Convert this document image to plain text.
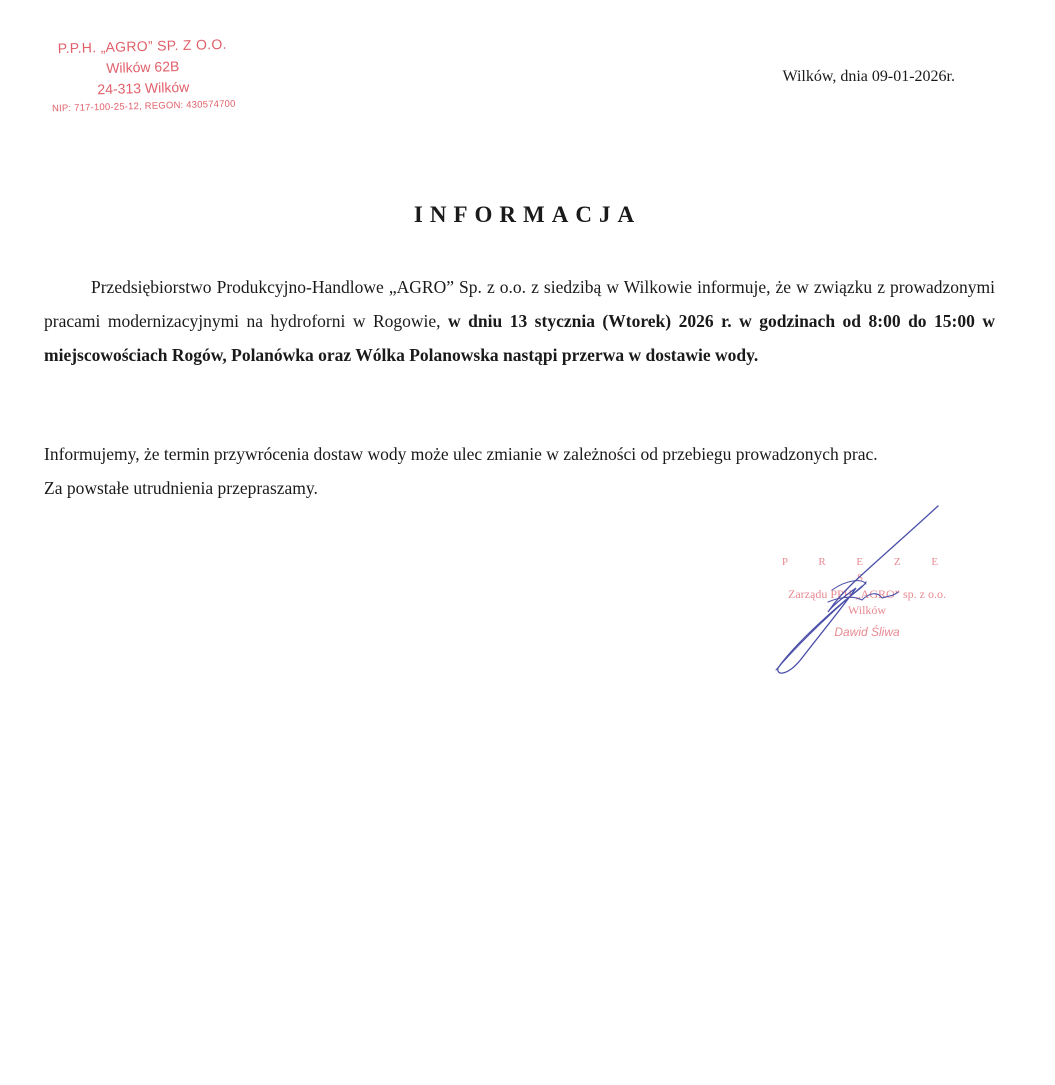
P.P.H. „AGRO” SP. Z O.O.
Wilków 62B
24-313 Wilków
NIP: 717-100-25-12, REGON: 430574700
Wilków, dnia 09-01-2026r.
INFORMACJA

Przedsiębiorstwo Produkcyjno-Handlowe „AGRO” Sp. z o.o. z siedzibą w Wilkowie informuje, że w związku z prowadzonymi pracami modernizacyjnymi na hydroforni w Rogowie, w dniu 13 stycznia (Wtorek) 2026 r. w godzinach od 8:00 do 15:00 w miejscowościach Rogów, Polanówka oraz Wólka Polanowska nastąpi przerwa w dostawie wody.

Informujemy, że termin przywrócenia dostaw wody może ulec zmianie w zależności od przebiegu prowadzonych prac.
Za powstałe utrudnienia przepraszamy.
P R E Z E S
Zarządu PPH „AGRO” sp. z o.o.
Wilków
Dawid Śliwa
